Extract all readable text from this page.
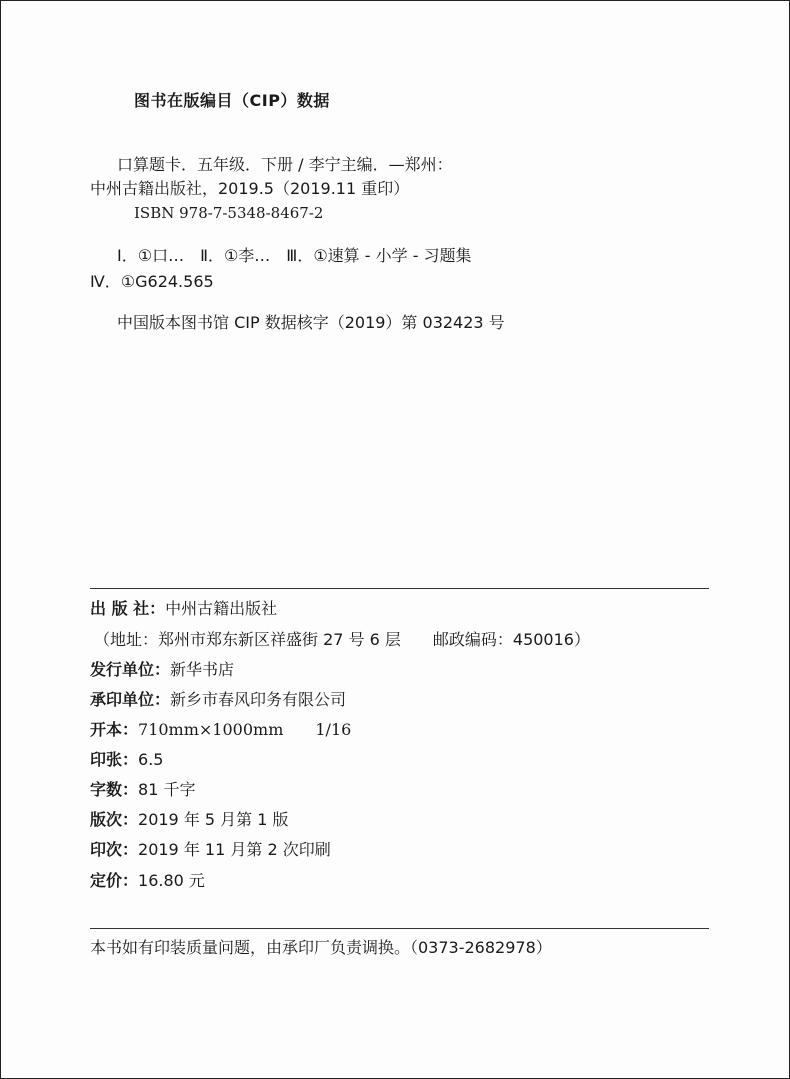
图书在版编目（CIP）数据
口算题卡．五年级．下册 / 李宁主编．—郑州：
中州古籍出版社，2019.5（2019.11 重印）
ISBN 978-7-5348-8467-2
Ⅰ．①口…　Ⅱ．①李…　Ⅲ．①速算 - 小学 - 习题集
Ⅳ．①G624.565
中国版本图书馆 CIP 数据核字（2019）第 032423 号
出 版 社：中州古籍出版社
（地址：郑州市郑东新区祥盛街 27 号 6 层　　邮政编码：450016）
发行单位：新华书店
承印单位：新乡市春风印务有限公司
开本：710mm×1000mm　　1/16
印张：6.5
字数：81 千字
版次：2019 年 5 月第 1 版
印次：2019 年 11 月第 2 次印刷
定价：16.80 元
本书如有印装质量问题，由承印厂负责调换。（0373-2682978）
